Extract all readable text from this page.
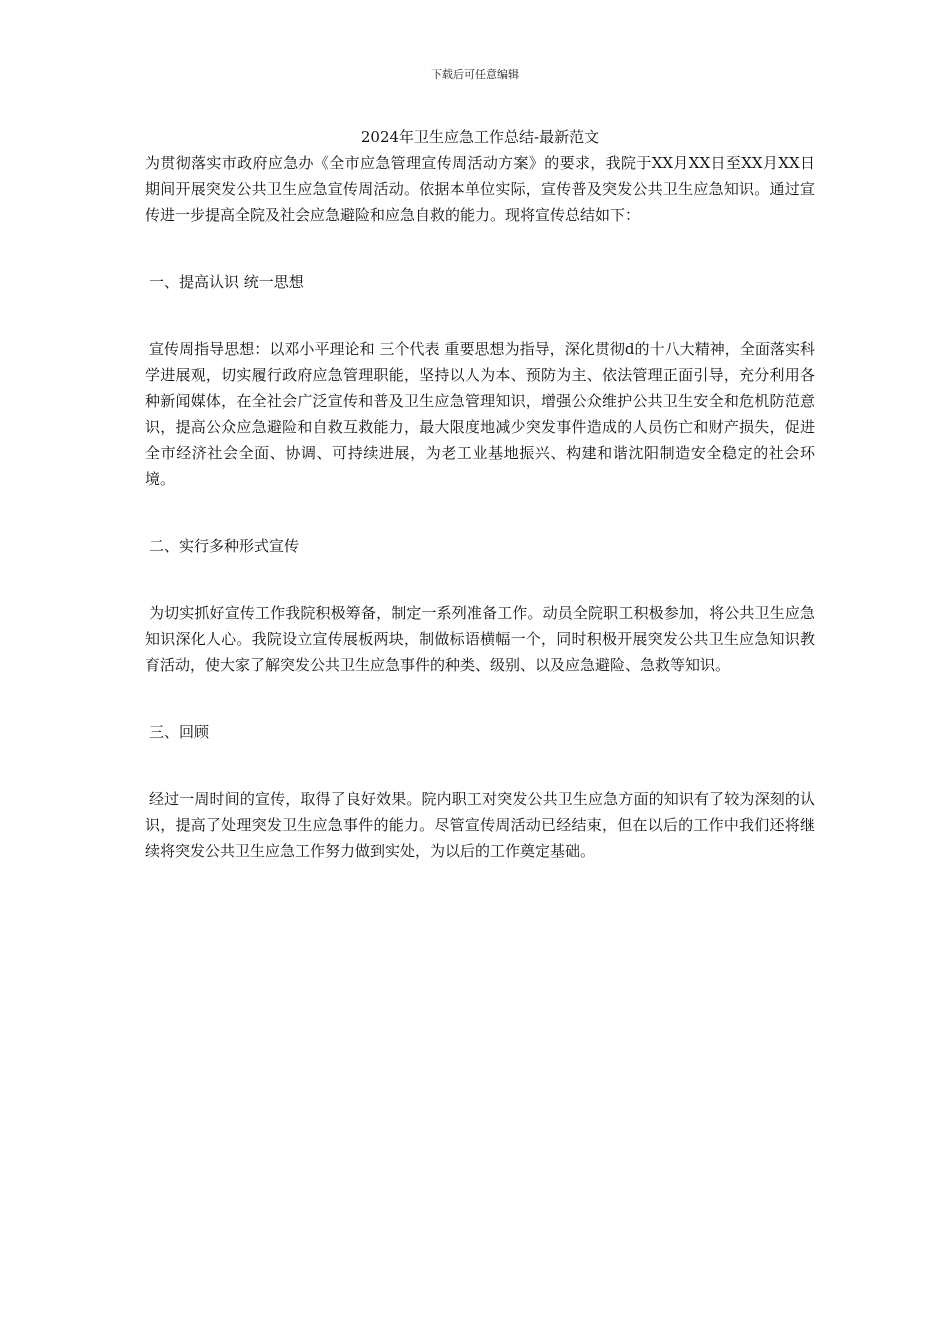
下载后可任意编辑
2024年卫生应急工作总结-最新范文

为贯彻落实市政府应急办《全市应急管理宣传周活动方案》的要求，我院于XX月XX日至XX月XX日期间开展突发公共卫生应急宣传周活动。依据本单位实际，宣传普及突发公共卫生应急知识。通过宣传进一步提高全院及社会应急避险和应急自救的能力。现将宣传总结如下：

一、提高认识 统一思想

宣传周指导思想：以邓小平理论和 三个代表 重要思想为指导，深化贯彻d的十八大精神，全面落实科学进展观，切实履行政府应急管理职能，坚持以人为本、预防为主、依法管理正面引导，充分利用各种新闻媒体，在全社会广泛宣传和普及卫生应急管理知识，增强公众维护公共卫生安全和危机防范意识，提高公众应急避险和自救互救能力，最大限度地减少突发事件造成的人员伤亡和财产损失，促进全市经济社会全面、协调、可持续进展，为老工业基地振兴、构建和谐沈阳制造安全稳定的社会环境。

二、实行多种形式宣传

为切实抓好宣传工作我院积极筹备，制定一系列准备工作。动员全院职工积极参加，将公共卫生应急知识深化人心。我院设立宣传展板两块，制做标语横幅一个，同时积极开展突发公共卫生应急知识教育活动，使大家了解突发公共卫生应急事件的种类、级别、以及应急避险、急救等知识。

三、回顾

经过一周时间的宣传，取得了良好效果。院内职工对突发公共卫生应急方面的知识有了较为深刻的认识，提高了处理突发卫生应急事件的能力。尽管宣传周活动已经结束，但在以后的工作中我们还将继续将突发公共卫生应急工作努力做到实处，为以后的工作奠定基础。
